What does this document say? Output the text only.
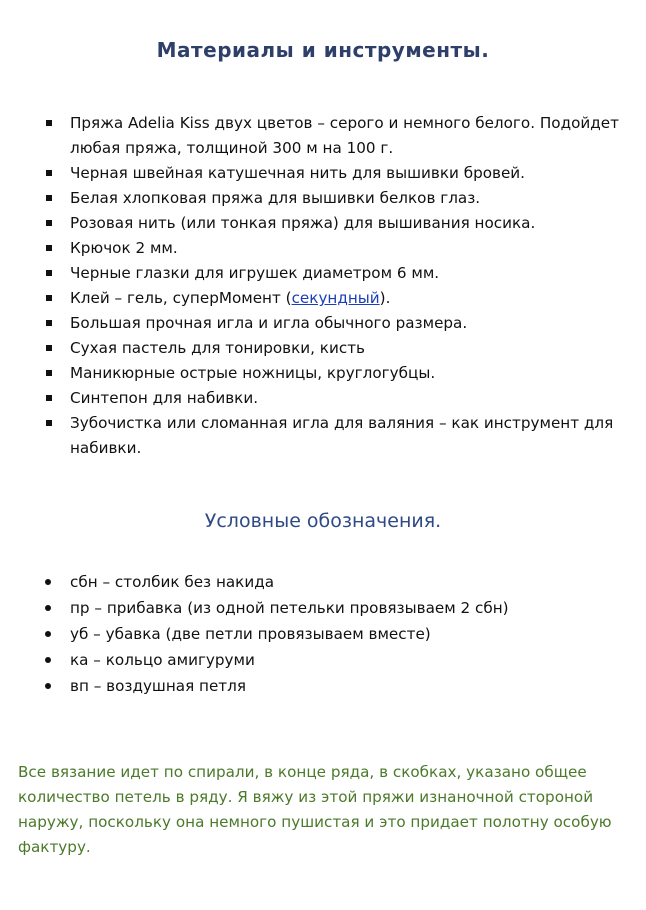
Материалы и инструменты.
Пряжа Adelia Kiss двух цветов – серого и немного белого. Подойдет любая пряжа, толщиной 300 м на 100 г.
Черная швейная катушечная нить для вышивки бровей.
Белая хлопковая пряжа для вышивки белков глаз.
Розовая нить (или тонкая пряжа) для вышивания носика.
Крючок 2 мм.
Черные глазки для игрушек диаметром 6 мм.
Клей – гель, суперМомент (секундный).
Большая прочная игла и игла обычного размера.
Сухая пастель для тонировки, кисть
Маникюрные острые ножницы, круглогубцы.
Синтепон для набивки.
Зубочистка или сломанная игла для валяния – как инструмент для набивки.
Условные обозначения.
сбн – столбик без накида
пр – прибавка (из одной петельки провязываем 2 сбн)
уб – убавка (две петли провязываем вместе)
ка – кольцо амигуруми
вп – воздушная петля

Все вязание идет по спирали, в конце ряда, в скобках, указано общее количество петель в ряду. Я вяжу из этой пряжи изнаночной стороной наружу, поскольку она немного пушистая и это придает полотну особую фактуру.
